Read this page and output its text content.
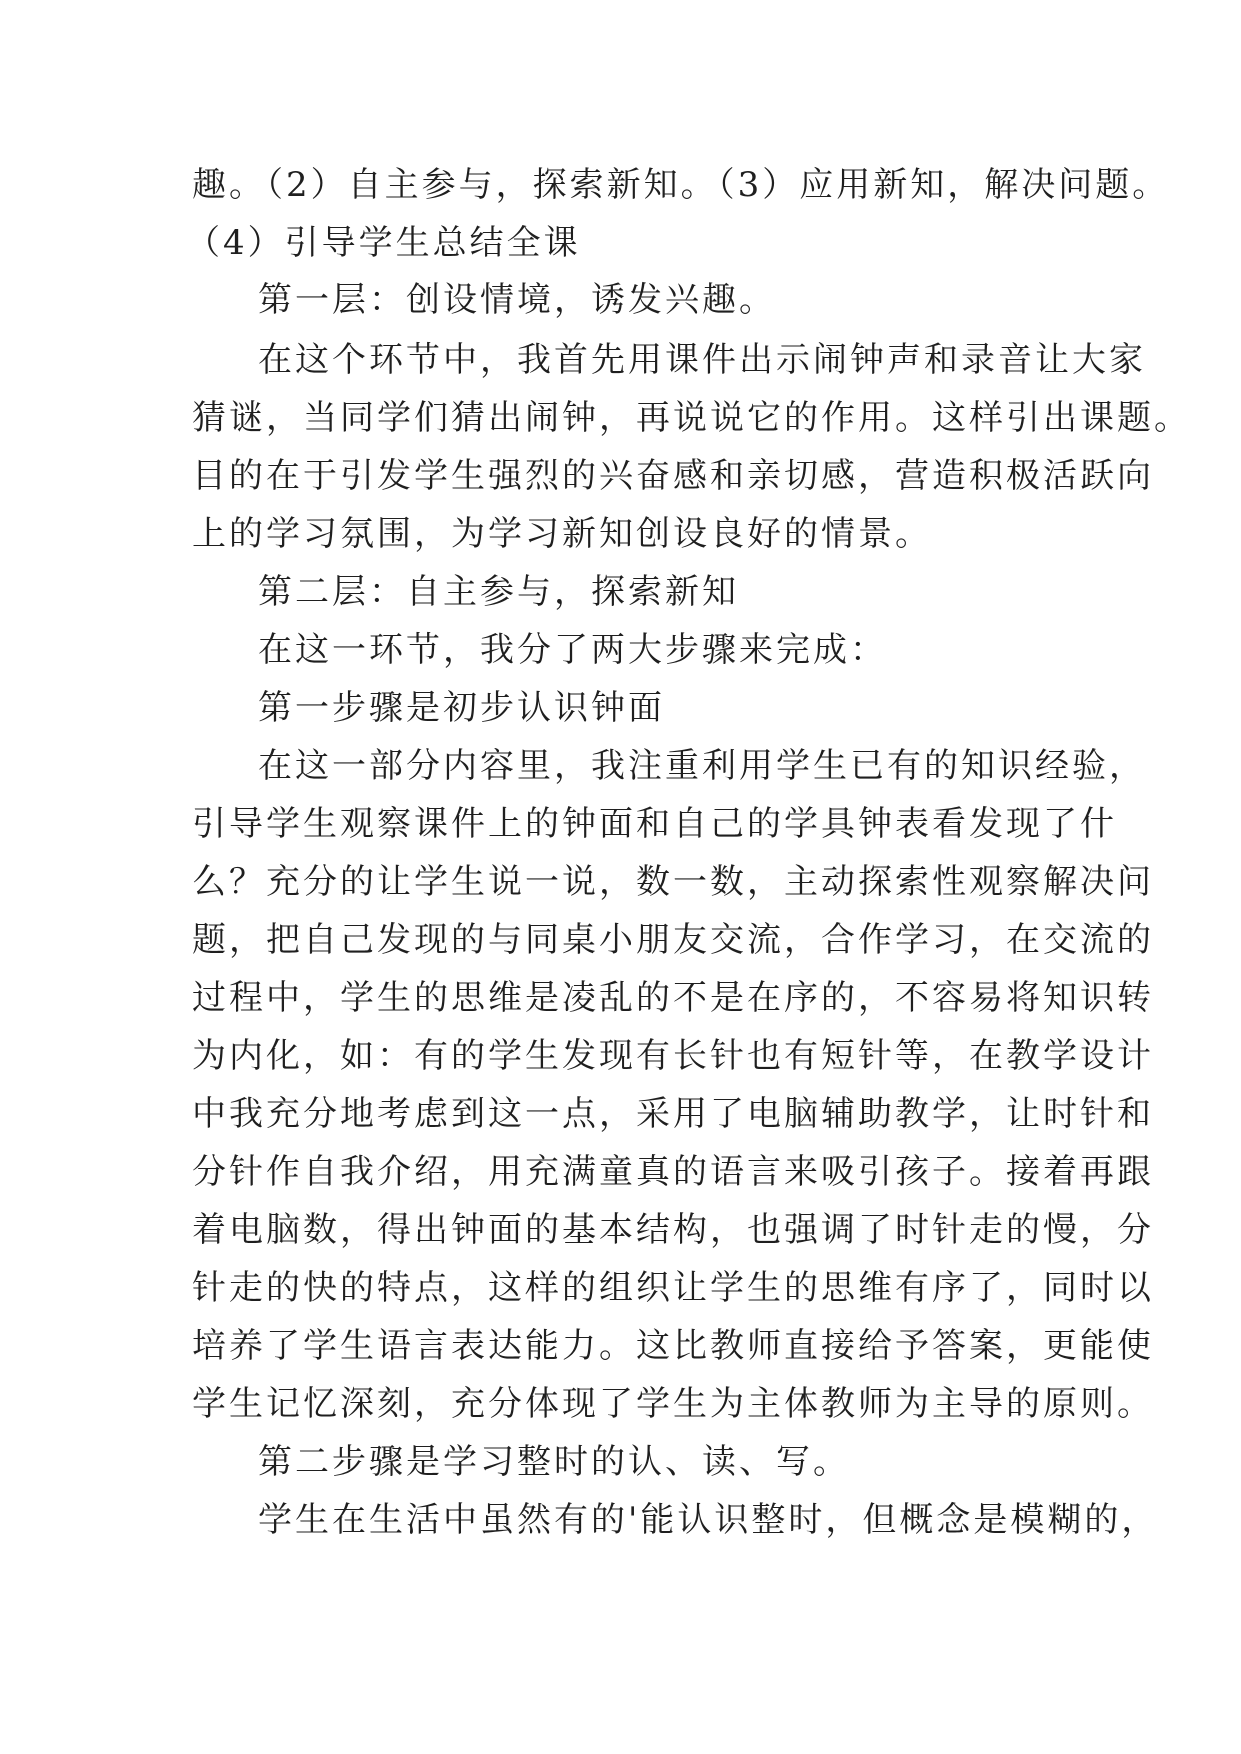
趣。（2）自主参与，探索新知。（3）应用新知，解决问题。
（4）引导学生总结全课
第一层：创设情境，诱发兴趣。
在这个环节中，我首先用课件出示闹钟声和录音让大家
猜谜，当同学们猜出闹钟，再说说它的作用。这样引出课题。
目的在于引发学生强烈的兴奋感和亲切感，营造积极活跃向
上的学习氛围，为学习新知创设良好的情景。
第二层：自主参与，探索新知
在这一环节，我分了两大步骤来完成：
第一步骤是初步认识钟面
在这一部分内容里，我注重利用学生已有的知识经验，
引导学生观察课件上的钟面和自己的学具钟表看发现了什
么？充分的让学生说一说，数一数，主动探索性观察解决问
题，把自己发现的与同桌小朋友交流，合作学习，在交流的
过程中，学生的思维是凌乱的不是在序的，不容易将知识转
为内化，如：有的学生发现有长针也有短针等，在教学设计
中我充分地考虑到这一点，采用了电脑辅助教学，让时针和
分针作自我介绍，用充满童真的语言来吸引孩子。接着再跟
着电脑数，得出钟面的基本结构，也强调了时针走的慢，分
针走的快的特点，这样的组织让学生的思维有序了，同时以
培养了学生语言表达能力。这比教师直接给予答案，更能使
学生记忆深刻，充分体现了学生为主体教师为主导的原则。
第二步骤是学习整时的认、读、写。
学生在生活中虽然有的'能认识整时，但概念是模糊的，
